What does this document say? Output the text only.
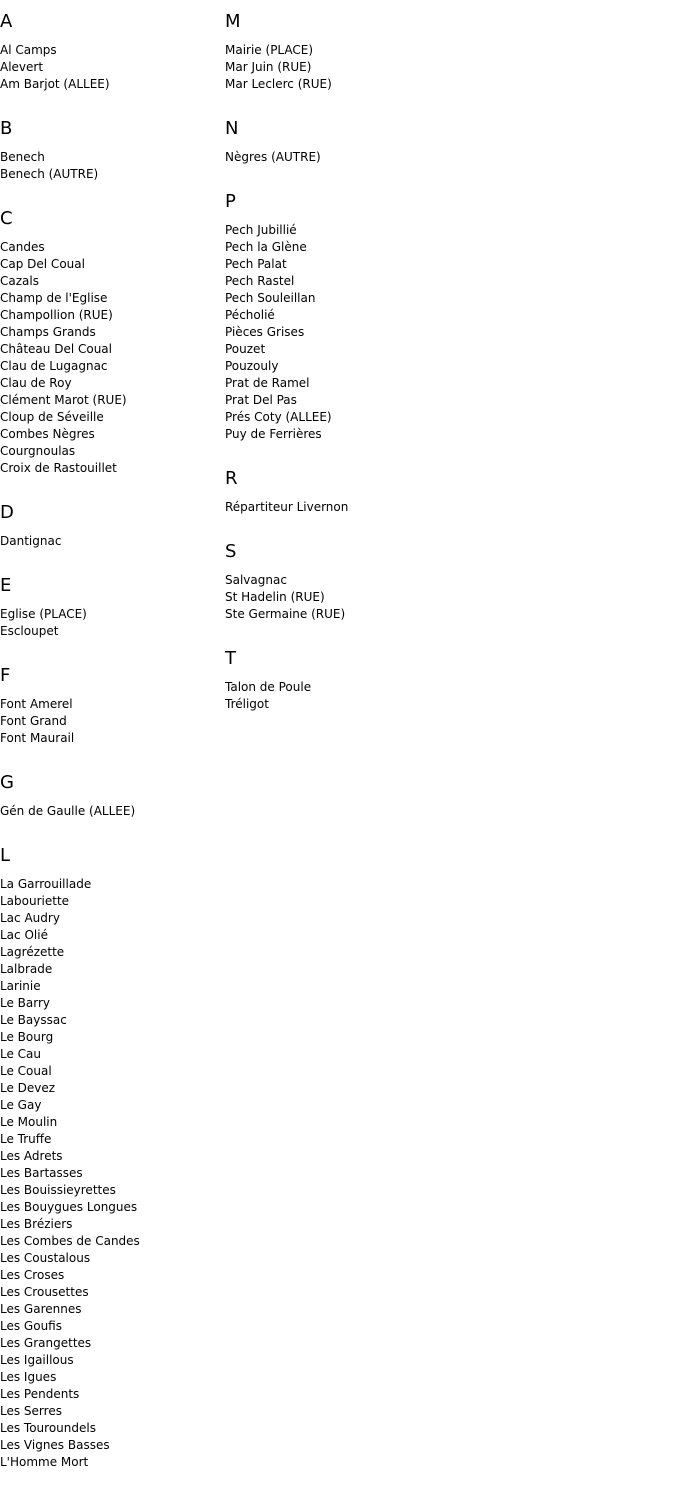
A
Al Camps
Alevert
Am Barjot (ALLEE)
B
Benech
Benech (AUTRE)
C
Candes
Cap Del Coual
Cazals
Champ de l'Eglise
Champollion (RUE)
Champs Grands
Château Del Coual
Clau de Lugagnac
Clau de Roy
Clément Marot (RUE)
Cloup de Séveille
Combes Nègres
Courgnoulas
Croix de Rastouillet
D
Dantignac
E
Eglise (PLACE)
Escloupet
F
Font Amerel
Font Grand
Font Maurail
G
Gén de Gaulle (ALLEE)
L
La Garrouillade
Labouriette
Lac Audry
Lac Olié
Lagrézette
Lalbrade
Larinie
Le Barry
Le Bayssac
Le Bourg
Le Cau
Le Coual
Le Devez
Le Gay
Le Moulin
Le Truffe
Les Adrets
Les Bartasses
Les Bouissieyrettes
Les Bouygues Longues
Les Bréziers
Les Combes de Candes
Les Coustalous
Les Croses
Les Crousettes
Les Garennes
Les Goufis
Les Grangettes
Les Igaillous
Les Igues
Les Pendents
Les Serres
Les Touroundels
Les Vignes Basses
L'Homme Mort
M
Mairie (PLACE)
Mar Juin (RUE)
Mar Leclerc (RUE)
N
Nègres (AUTRE)
P
Pech Jubillié
Pech la Glène
Pech Palat
Pech Rastel
Pech Souleillan
Pécholié
Pièces Grises
Pouzet
Pouzouly
Prat de Ramel
Prat Del Pas
Prés Coty (ALLEE)
Puy de Ferrières
R
Répartiteur Livernon
S
Salvagnac
St Hadelin (RUE)
Ste Germaine (RUE)
T
Talon de Poule
Tréligot
